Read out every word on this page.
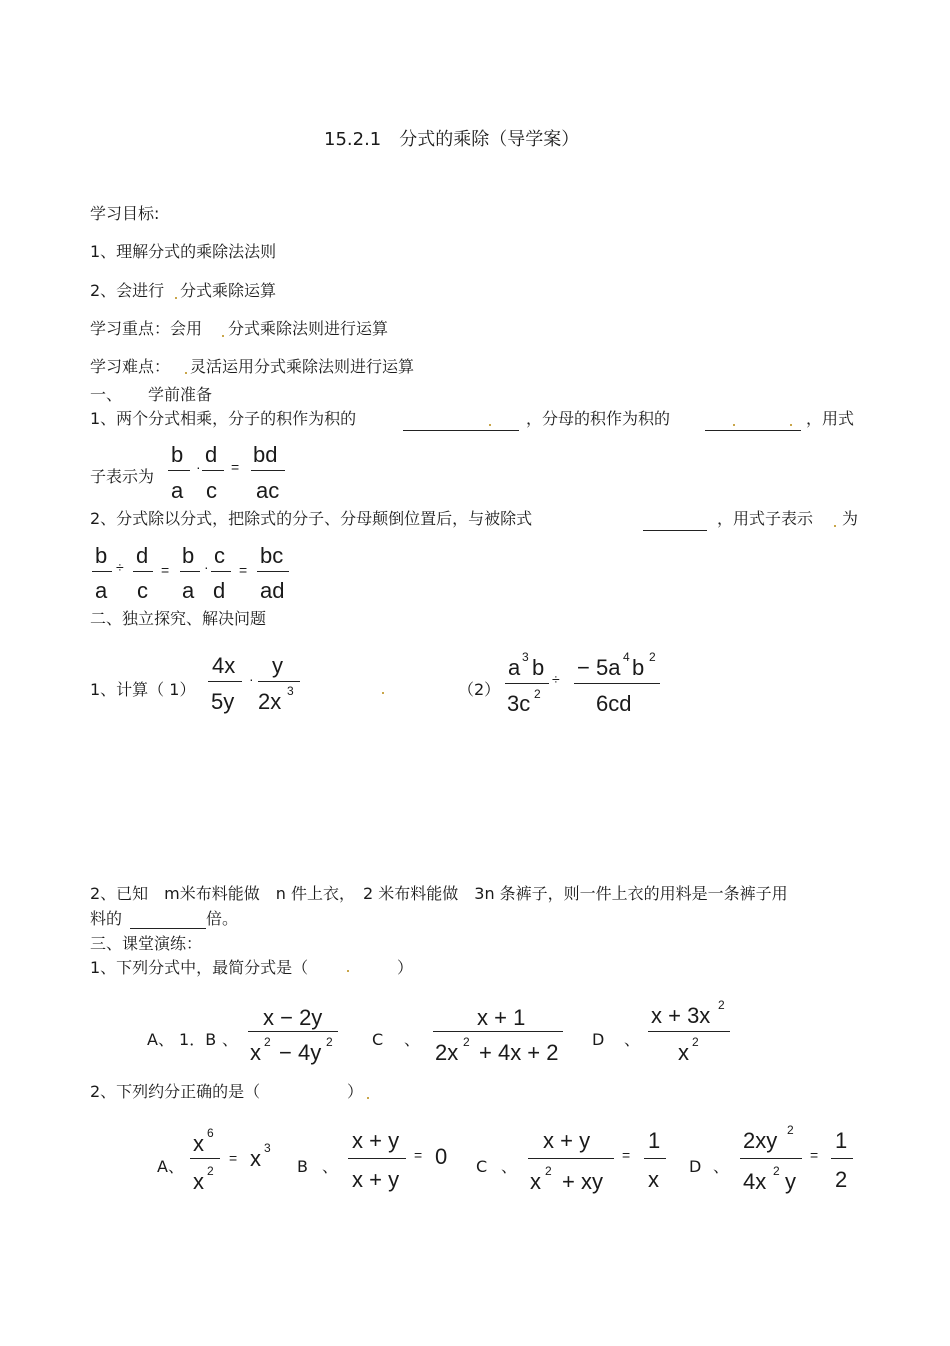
15.2.1　分式的乘除（导学案）
学习目标:
1、理解分式的乘除法法则
2、会进行 分式乘除运算
学习重点：会用 分式乘除法则进行运算
学习难点： 灵活运用分式乘除法则进行运算
一、 学前准备
1、两个分式相乘，分子的积作为积的	，分母的积作为积的	，用式
子表示为
b
a
· d
c
= bd
ac
2、分式除以分式，把除式的分子、分母颠倒位置后，与被除式	，用式子表示 为
b
a
÷ d
c
=
b
a
· c
d
=
bc
ad
二、独立探究、解决问题
1、计算（ 1）
4x
5y
·
y
2x 3	（2）
a 3 b
3c 2
÷ − 5a 4 b 2
6cd
2、已知　m米布料能做　n 件上衣，　2 米布料能做　3n 条裤子，则一件上衣的用料是一条裤子用
料的	倍。
三、课堂演练：
1、下列分式中，最简分式是（	）
A、 1．B 、
x − 2y
x 2 − 4y 2 C 、
x + 1
2x 2 + 4x + 2
D 、
x + 3x 2
x 2
2、下列约分正确的是（	）
A、
x 6
x 2
= x 3
B 、
x + y
x + y
= 0 C 、
x + y
x 2 + xy
=
1
x
D 、
2xy 2
4x 2 y
=
1
2
